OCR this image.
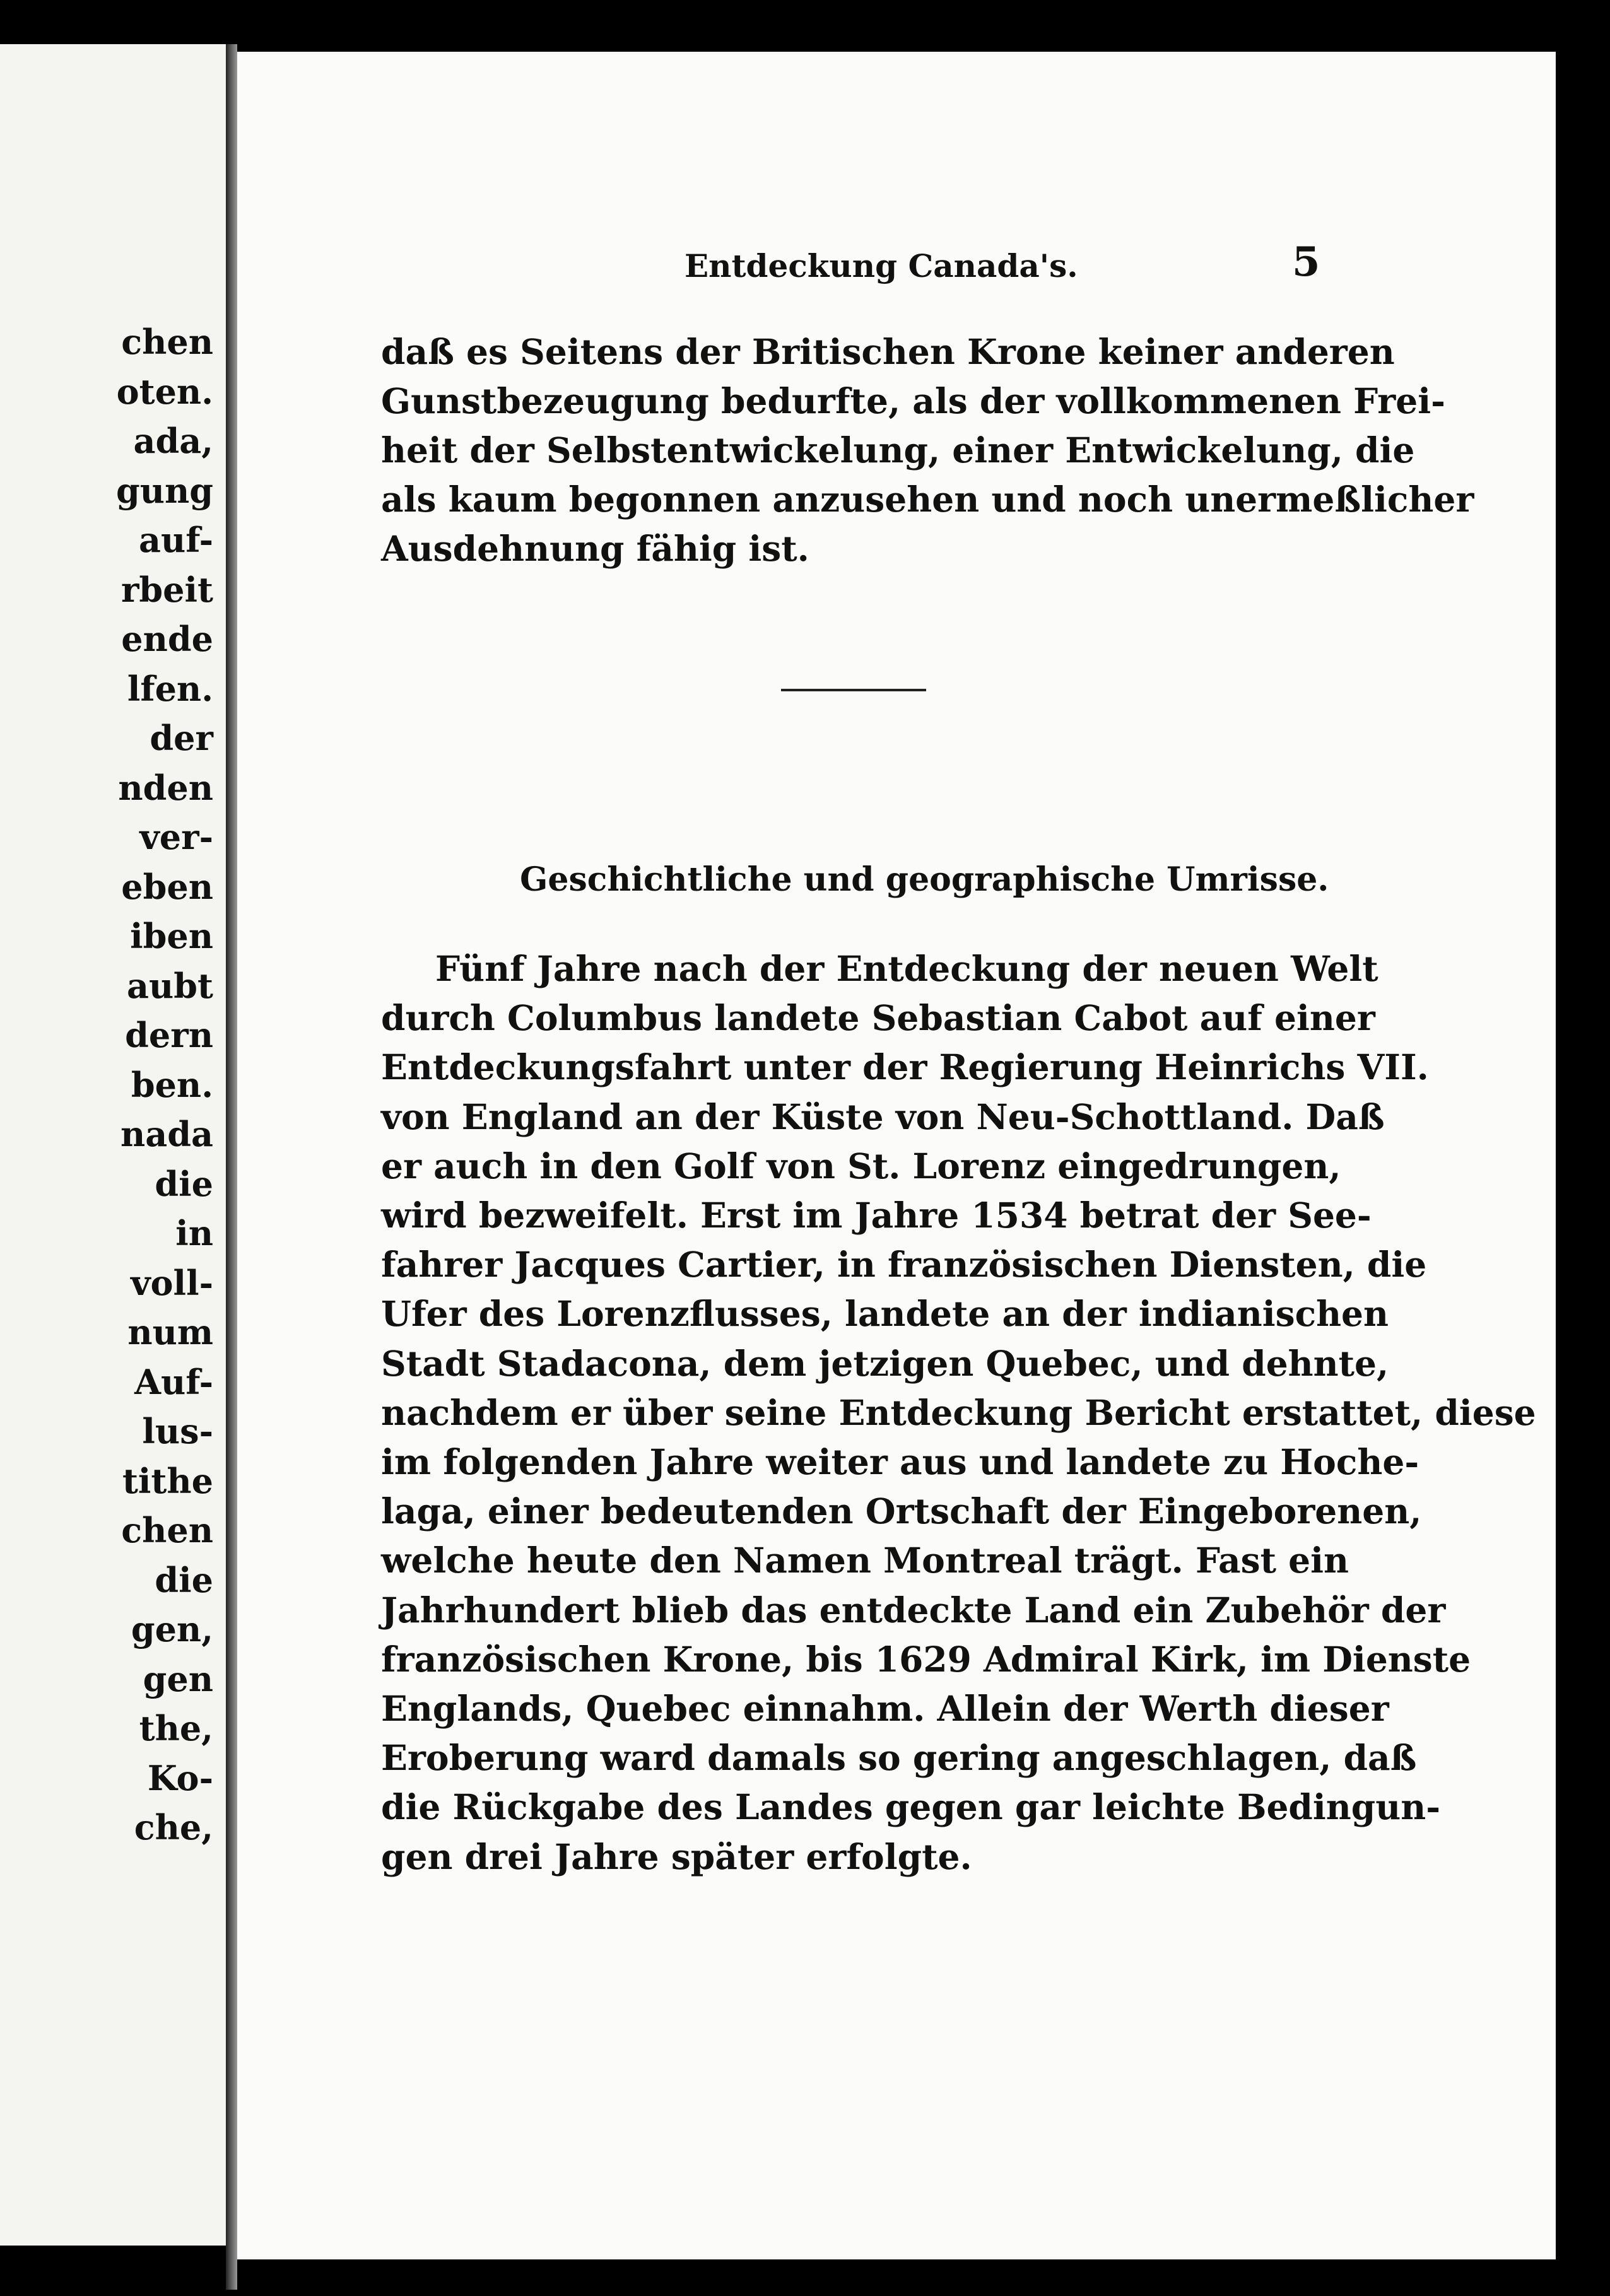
chen
oten.
ada,
gung
auf-
rbeit
ende
lfen.
der
nden
ver-
eben
iben
aubt
dern
ben.
nada
die
in
voll-
num
Auf-
lus-
tithe
chen
die
gen,
gen
the,
Ko-
che,
Entdeckung Canada's.	5
daß es Seitens der Britischen Krone keiner anderen
Gunstbezeugung bedurfte, als der vollkommenen Frei-
heit der Selbstentwickelung, einer Entwickelung, die
als kaum begonnen anzusehen und noch unermeßlicher
Ausdehnung fähig ist.
Geschichtliche und geographische Umrisse.
Fünf Jahre nach der Entdeckung der neuen Welt
durch Columbus landete Sebastian Cabot auf einer
Entdeckungsfahrt unter der Regierung Heinrichs VII.
von England an der Küste von Neu-Schottland. Daß
er auch in den Golf von St. Lorenz eingedrungen,
wird bezweifelt. Erst im Jahre 1534 betrat der See-
fahrer Jacques Cartier, in französischen Diensten, die
Ufer des Lorenzflusses, landete an der indianischen
Stadt Stadacona, dem jetzigen Quebec, und dehnte,
nachdem er über seine Entdeckung Bericht erstattet, diese
im folgenden Jahre weiter aus und landete zu Hoche-
laga, einer bedeutenden Ortschaft der Eingeborenen,
welche heute den Namen Montreal trägt. Fast ein
Jahrhundert blieb das entdeckte Land ein Zubehör der
französischen Krone, bis 1629 Admiral Kirk, im Dienste
Englands, Quebec einnahm. Allein der Werth dieser
Eroberung ward damals so gering angeschlagen, daß
die Rückgabe des Landes gegen gar leichte Bedingun-
gen drei Jahre später erfolgte.
